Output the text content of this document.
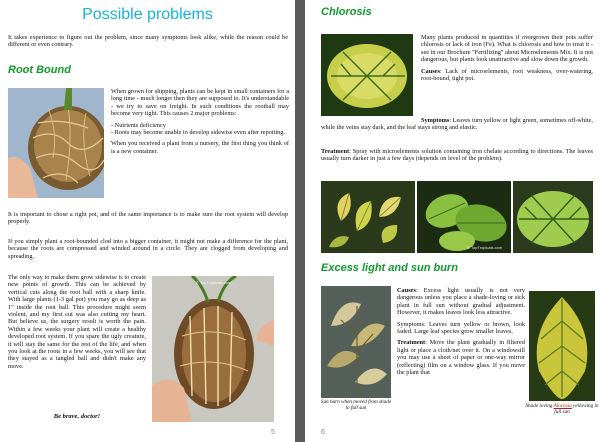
Possible problems
It takes experience to figure out the problem, since many symptoms look alike, while the reason could be different or even contrary.
Root Bound

When grown for shipping, plants can be kept in small containers for a long time - much longer then they are supposed to. It's understandable - we try to save on freight. In such conditions the rootball may become very tight. This causes 2 major problems:

- Nutrients deficiency
- Roots may become unable to develop sidewise even after repotting.

When you received a plant from a nursery, the first thing you think of is a new container.

It is important to chose a right pot, and of the same importance is to make sure the root system will develop properly.
If you simply plant a root-bounded clod into a bigger container, it might not make a difference for the plant, because the roots are compressed and winded around in a circle. They are clogged from developing and spreading.
The only way to make them grow sidewise is to create new points of growth. This can be achieved by vertical cuts along the root ball with a sharp knife. With large plants (1-3 gal pot) you may go as deep as 1" inside the root ball. This procedure might seem violent, and my first cut was also cutting my heart. But believe us, the surgery result is worth the pain. Within a few weeks your plant will create a healthy developed root system. If you spare the ugly creature, it will stay the same for the rest of the life, and when you look at the roots in a few weeks, you will see that they stayed as a tangled ball and didn't make any move.
Be brave, doctor!
© TopTropicals.com
5
Chlorosis

Many plants produced in quantities if overgrown their pots suffer chlorosis or lack of iron (Fe). What is chlorosis and how to treat it - see in our Brochure "Fertilizing" about Microelements Mix. It is not dangerous, but plants look unattractive and slow down the growth.

Causes: Lack of microelements, root weakness, over-watering, root-bound, tight pot.

Symptoms: Leaves turn yellow or light green, sometimes off-white, while the veins stay dark, and the leaf stays strong and elastic.
Treatment: Spray with microelements solution containing iron chelate according to directions. The leaves usually turn darker in just a few days (depends on level of the problem).
© TopTropicals.com
Excess light and sun burn
Sun burn when moved from shade to full sun

Causes: Excess light usually is not very dangerous unless you place a shade-loving or sick plant in full sun without gradual adjustment. However, it makes leaves look less attractive.

Symptoms: Leaves turn yellow or brown, look faded. Large leaf species grow smaller leaves.

Treatment: Move the plant gradually in filtered light or place a cloth/net over it. On a windowsill you may use a sheet of paper or one-way mirror (reflecting) film on a window glass. If you move the plant that

Shade loving Alocasia yellowing in full sun
6
